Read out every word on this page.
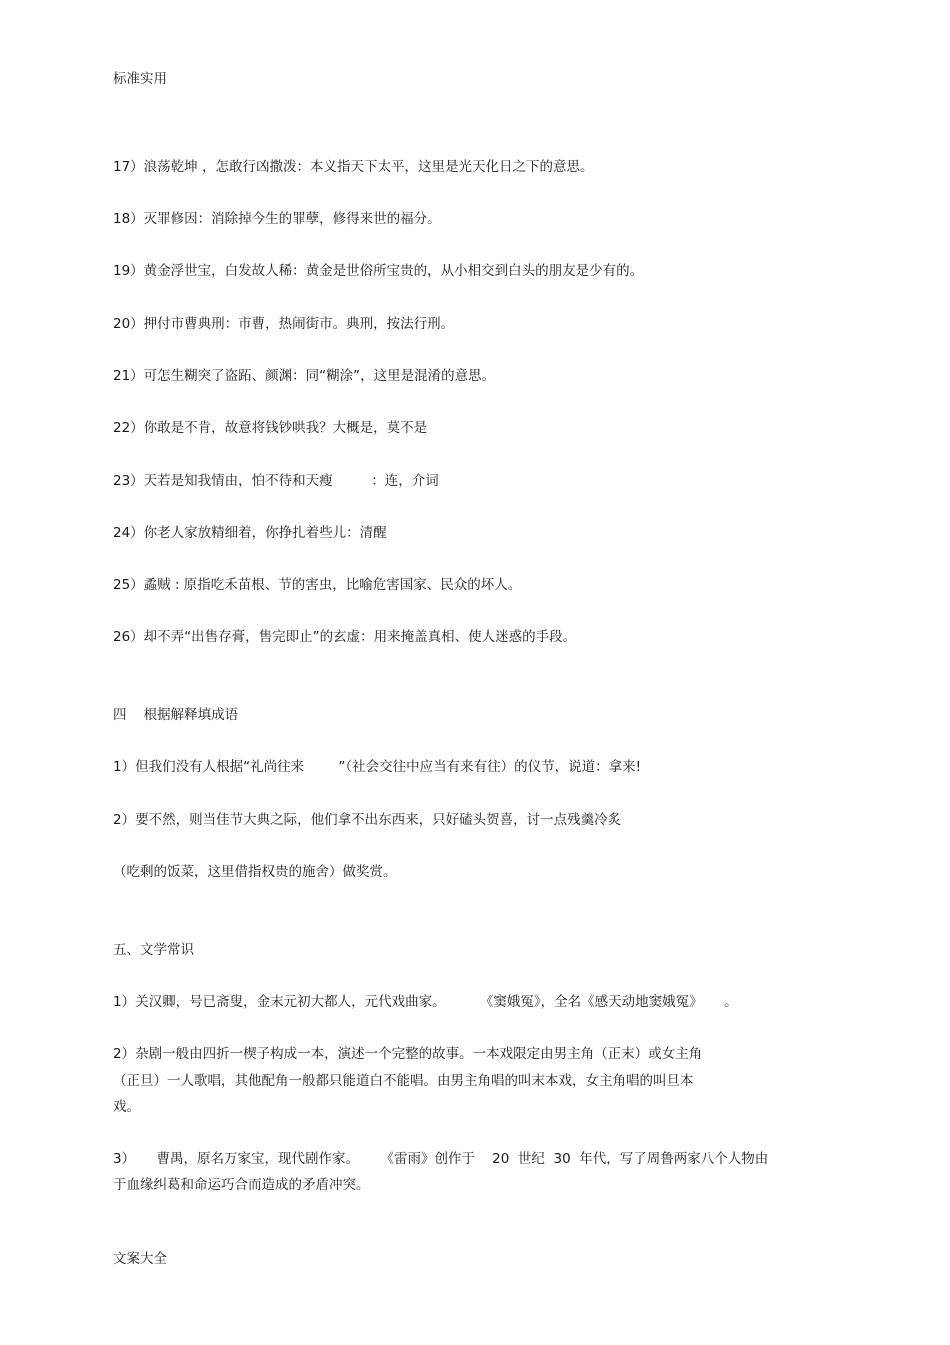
标准实用
17）浪荡乾坤 ，怎敢行凶撒泼：本义指天下太平，这里是光天化日之下的意思。
18）灭罪修因：消除掉今生的罪孽，修得来世的福分。
19）黄金浮世宝，白发故人稀：黄金是世俗所宝贵的，从小相交到白头的朋友是少有的。
20）押付市曹典刑：市曹，热闹街市。典刑，按法行刑。
21）可怎生糊突了盗跖、颜渊：同“糊涂”，这里是混淆的意思。
22）你敢是不肯，故意将钱钞哄我？大概是，莫不是
23）天若是知我情由，怕不待和天瘦         ：连，介词
24）你老人家放精细着，你挣扎着些儿：清醒
25）蟊贼 : 原指吃禾苗根、节的害虫，比喻危害国家、民众的坏人。
26）却不弄“出售存膏，售完即止”的玄虚：用来掩盖真相、使人迷惑的手段。
四    根据解释填成语
1）但我们没有人根据“礼尚往来        ”（社会交往中应当有来有往）的仪节，说道：拿来!
2）要不然，则当佳节大典之际，他们拿不出东西来，只好磕头贺喜，讨一点残羹冷炙
（吃剩的饭菜，这里借指权贵的施舍）做奖赏。
五、文学常识
1）关汉卿，号已斋叟，金末元初大都人，元代戏曲家。        《窦娥冤》，全名《感天动地窦娥冤》     。
2）杂剧一般由四折一楔子构成一本，演述一个完整的故事。一本戏限定由男主角（正末）或女主角
（正旦）一人歌唱，其他配角一般都只能道白不能唱。由男主角唱的叫末本戏，女主角唱的叫旦本
戏。
3）     曹禺，原名万家宝，现代剧作家。     《雷雨》创作于    20  世纪  30  年代，写了周鲁两家八个人物由
于血缘纠葛和命运巧合而造成的矛盾冲突。
文案大全
